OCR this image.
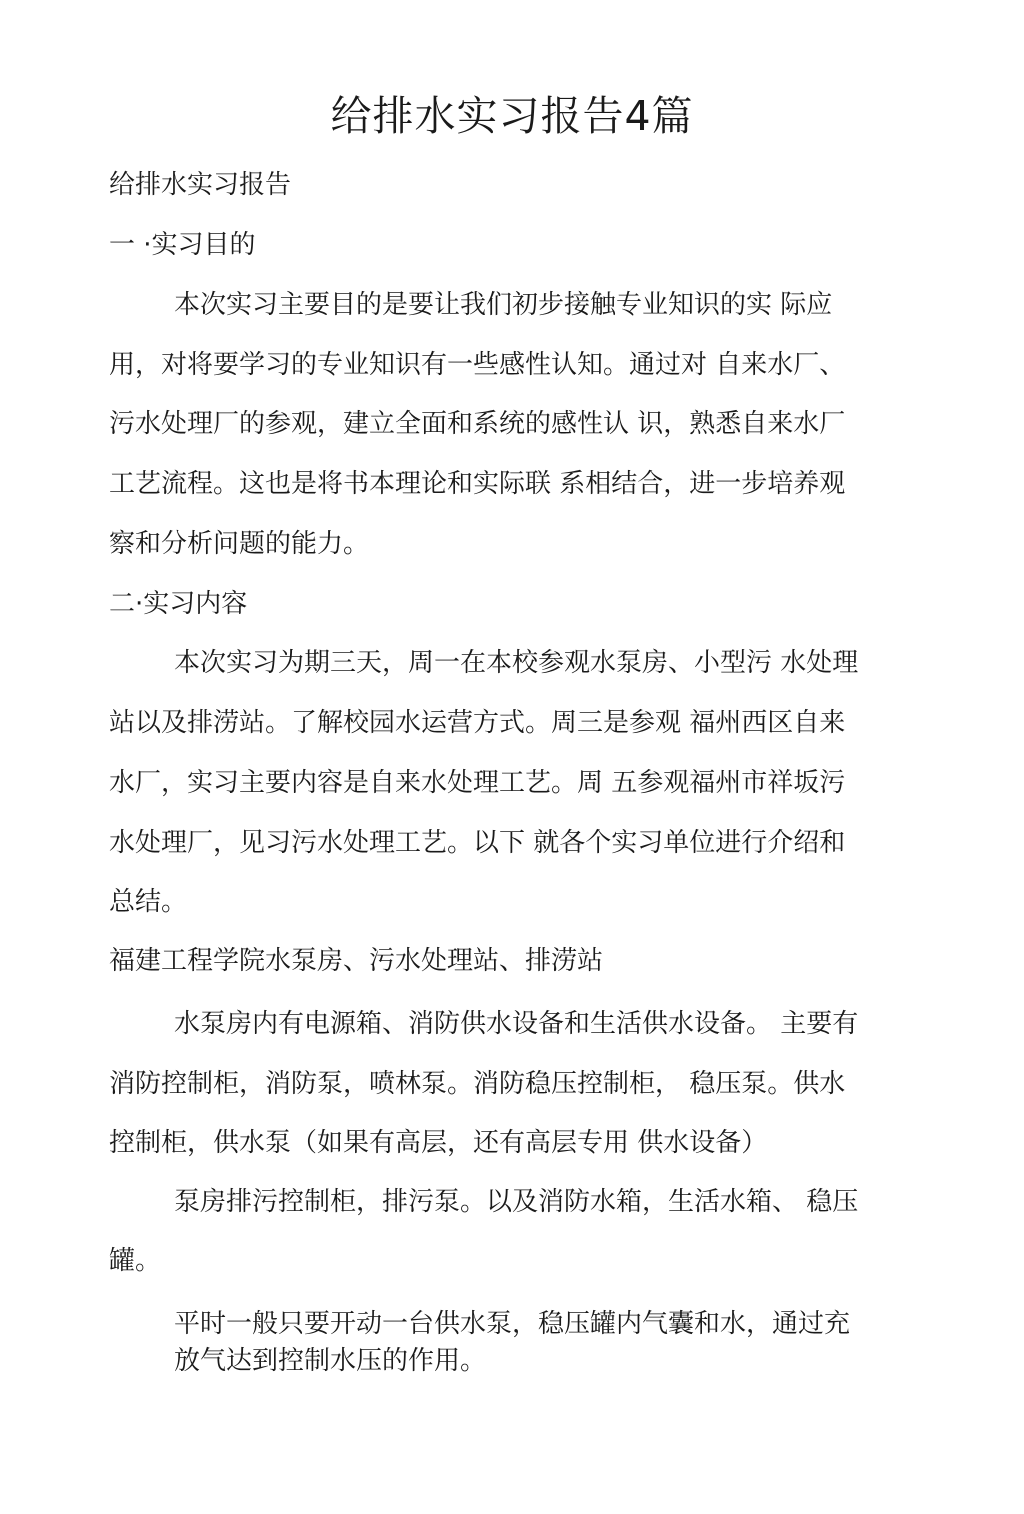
给排水实习报告4篇

给排水实习报告

一 ·实习目的

本次实习主要目的是要让我们初步接触专业知识的实 际应

用，对将要学习的专业知识有一些感性认知。通过对 自来水厂、

污水处理厂的参观，建立全面和系统的感性认 识，熟悉自来水厂

工艺流程。这也是将书本理论和实际联 系相结合，进一步培养观

察和分析问题的能力。

二·实习内容

本次实习为期三天，周一在本校参观水泵房、小型污 水处理

站以及排涝站。了解校园水运营方式。周三是参观 福州西区自来

水厂，实习主要内容是自来水处理工艺。周 五参观福州市祥坂污

水处理厂，见习污水处理工艺。以下 就各个实习单位进行介绍和

总结。

福建工程学院水泵房、污水处理站、排涝站

水泵房内有电源箱、消防供水设备和生活供水设备。 主要有

消防控制柜，消防泵，喷林泵。消防稳压控制柜， 稳压泵。供水

控制柜，供水泵（如果有高层，还有高层专用 供水设备）

泵房排污控制柜，排污泵。以及消防水箱，生活水箱、 稳压

罐。

平时一般只要开动一台供水泵，稳压罐内气囊和水，通过充

放气达到控制水压的作用。
